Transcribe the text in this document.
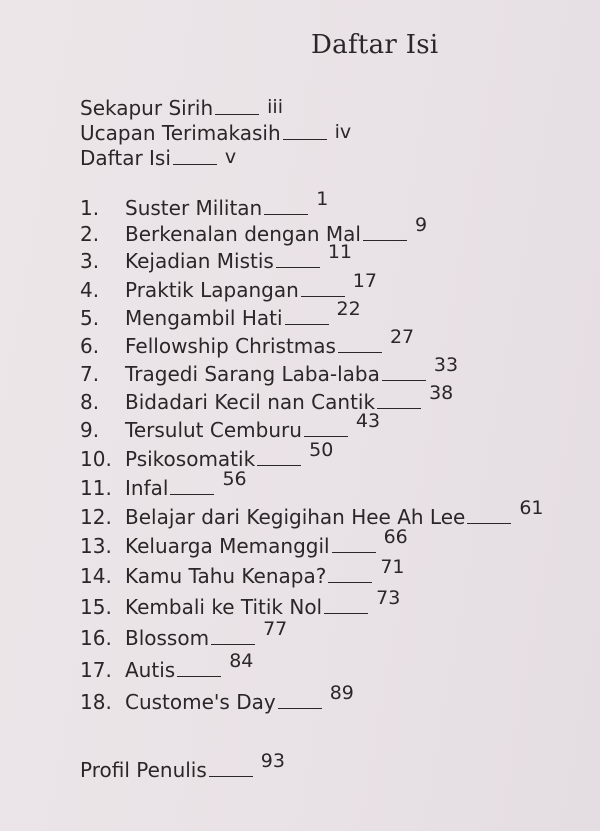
Daftar Isi
Sekapur Sirih	iii
Ucapan Terimakasih	iv
Daftar Isi	v
1. Suster Militan	1
2. Berkenalan dengan Mal	9
3. Kejadian Mistis	11
4. Praktik Lapangan	17
5. Mengambil Hati	22
6. Fellowship Christmas	27
7. Tragedi Sarang Laba-laba	33
8. Bidadari Kecil nan Cantik	38
9. Tersulut Cemburu	43
10. Psikosomatik	50
11. Infal	56
12. Belajar dari Kegigihan Hee Ah Lee	61
13. Keluarga Memanggil	66
14. Kamu Tahu Kenapa?	71
15. Kembali ke Titik Nol	73
16. Blossom	77
17. Autis	84
18. Custome's Day	89
Profil Penulis	93
